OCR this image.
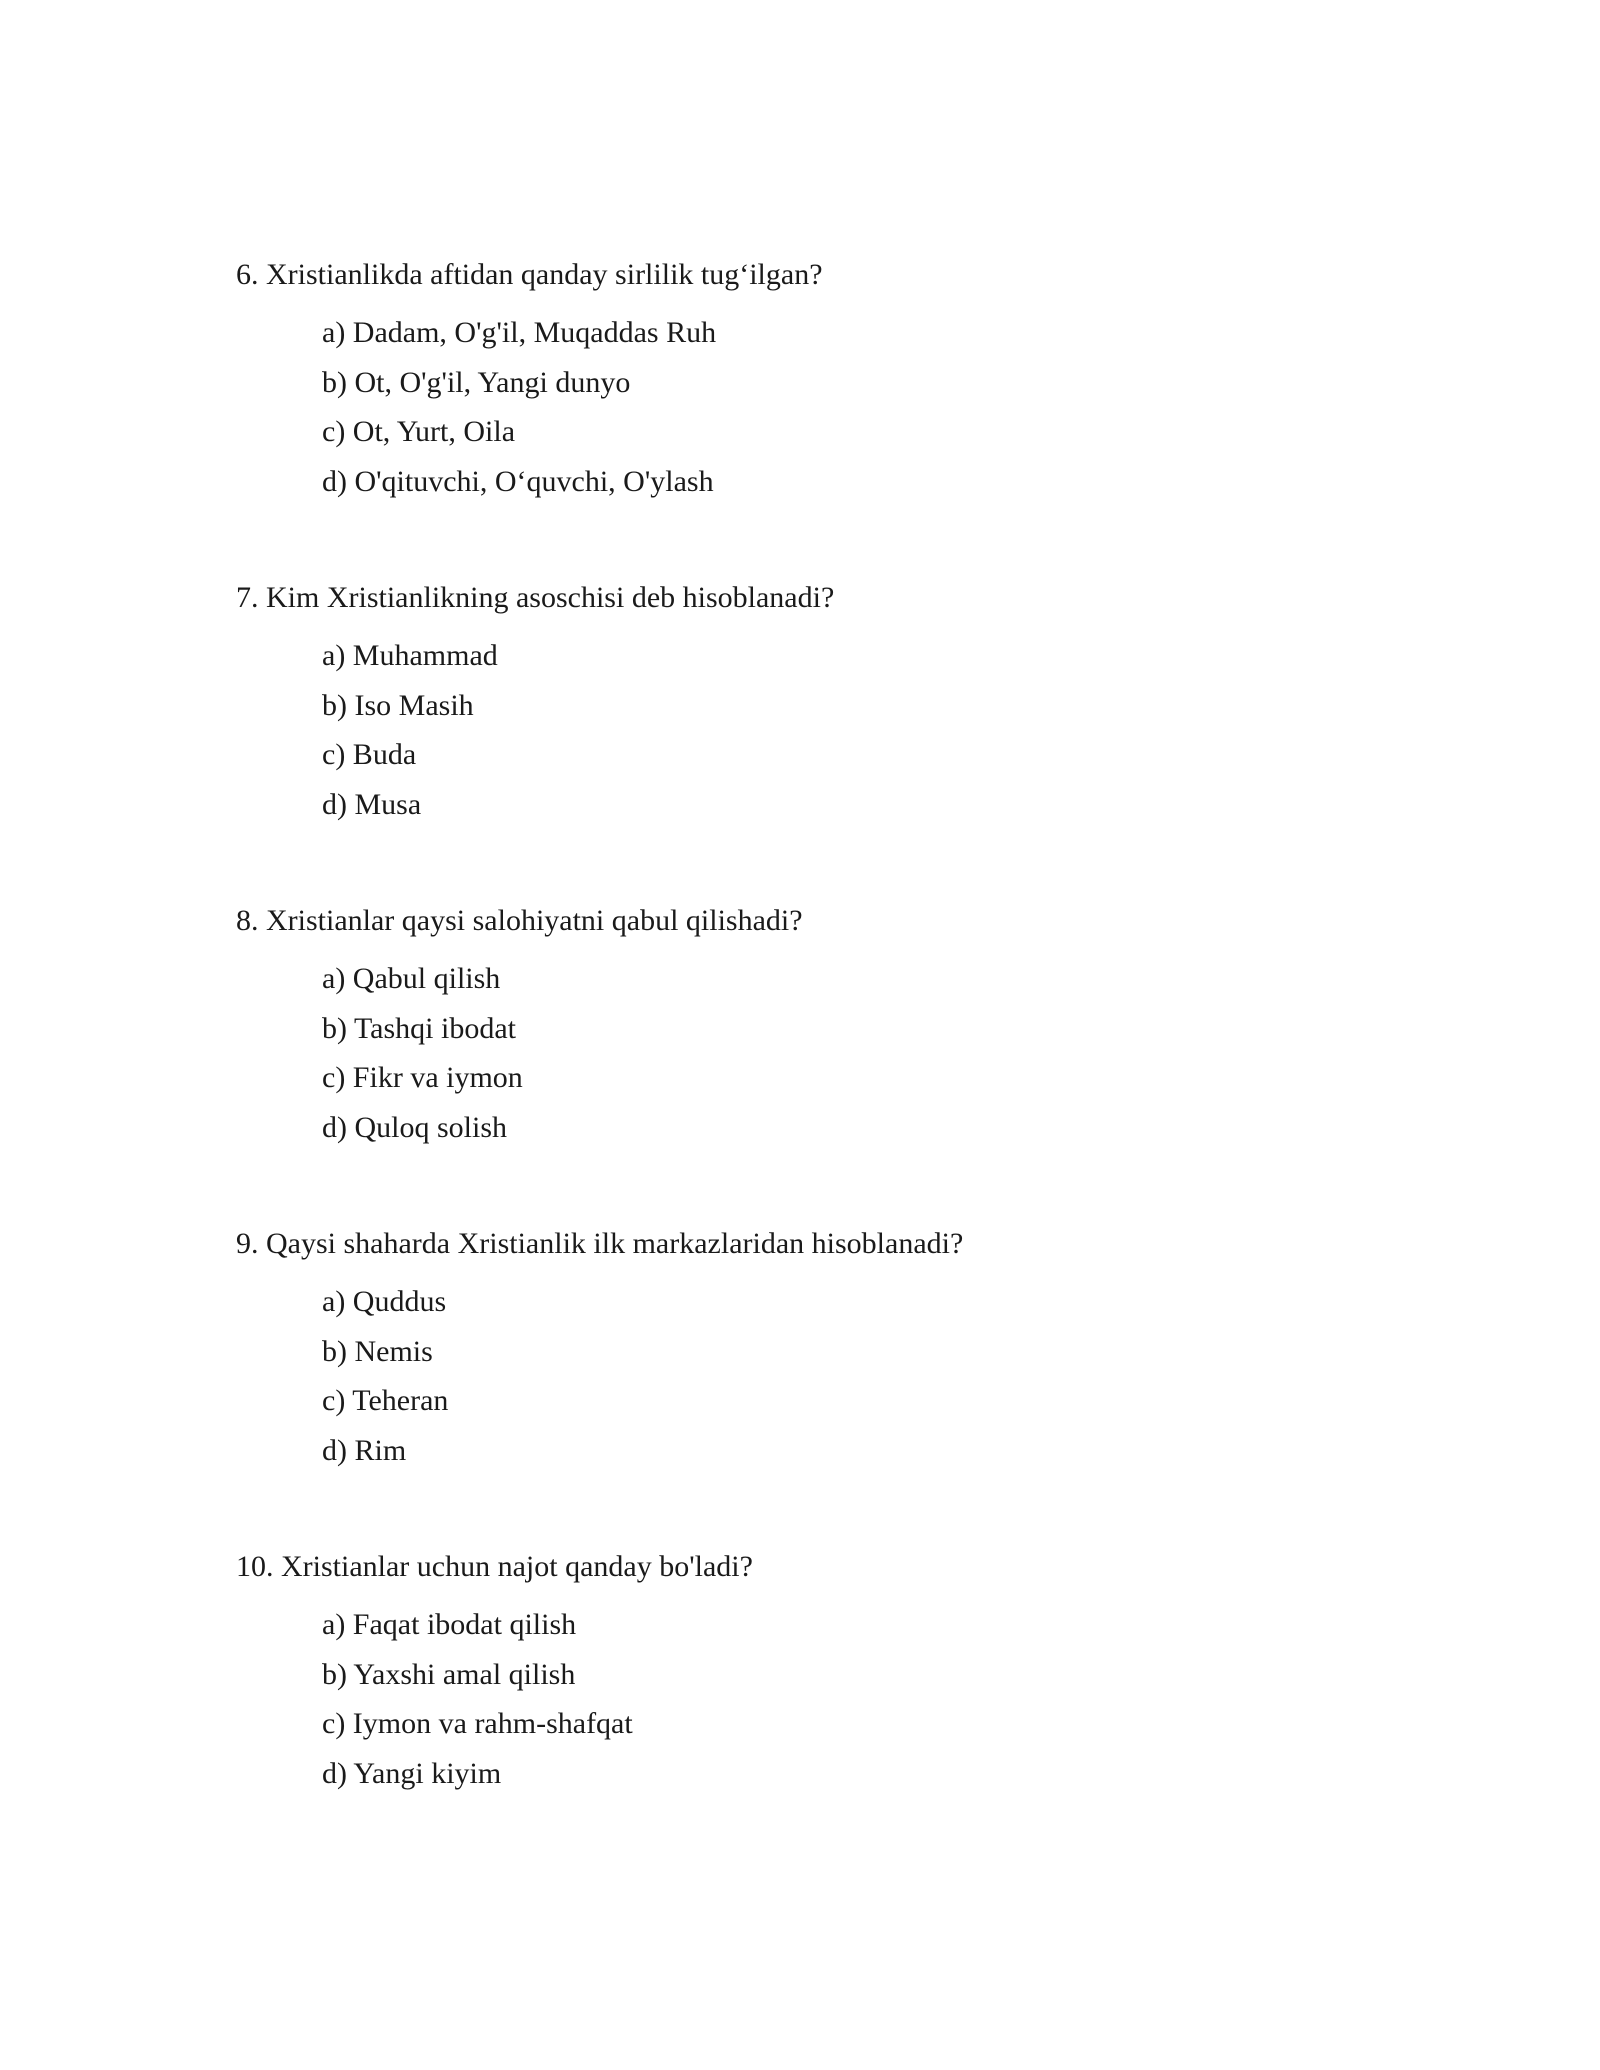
6. Xristianlikda aftidan qanday sirlilik tug‘ilgan?

a) Dadam, O'g'il, Muqaddas Ruh
b) Ot, O'g'il, Yangi dunyo
c) Ot, Yurt, Oila
d) O'qituvchi, O‘quvchi, O'ylash

7. Kim Xristianlikning asoschisi deb hisoblanadi?

a) Muhammad
b) Iso Masih
c) Buda
d) Musa

8. Xristianlar qaysi salohiyatni qabul qilishadi?

a) Qabul qilish
b) Tashqi ibodat
c) Fikr va iymon
d) Quloq solish

9. Qaysi shaharda Xristianlik ilk markazlaridan hisoblanadi?

a) Quddus
b) Nemis
c) Teheran
d) Rim

10. Xristianlar uchun najot qanday bo'ladi?

a) Faqat ibodat qilish
b) Yaxshi amal qilish
c) Iymon va rahm-shafqat
d) Yangi kiyim
